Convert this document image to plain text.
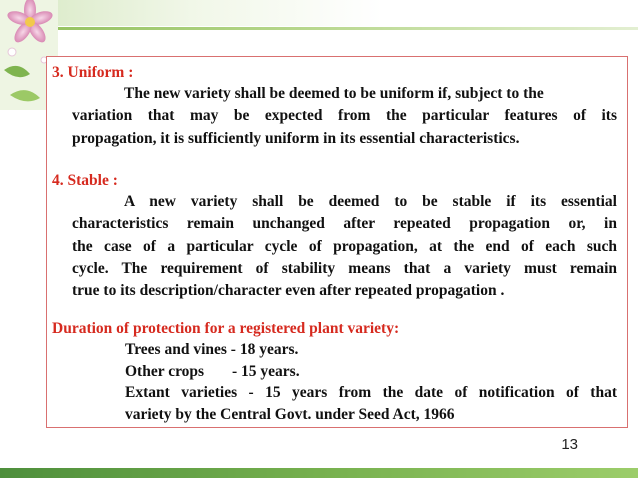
3. Uniform :
The new variety shall be deemed to be uniform if, subject to the
variation that may be expected from the particular features of its
propagation, it is sufficiently uniform in its essential characteristics.
4. Stable :
A new variety shall be deemed to be stable if its essential
characteristics remain unchanged after repeated propagation or, in
the case of a particular cycle of propagation, at the end of each such
cycle. The requirement of stability means that a variety must remain
true to its description/character even after repeated propagation .
Duration of protection for a registered plant variety:
Trees and vines - 18 years.
Other crops - 15 years.
Extant varieties - 15 years from the date of notification of that
variety by the Central Govt. under Seed Act, 1966
13
